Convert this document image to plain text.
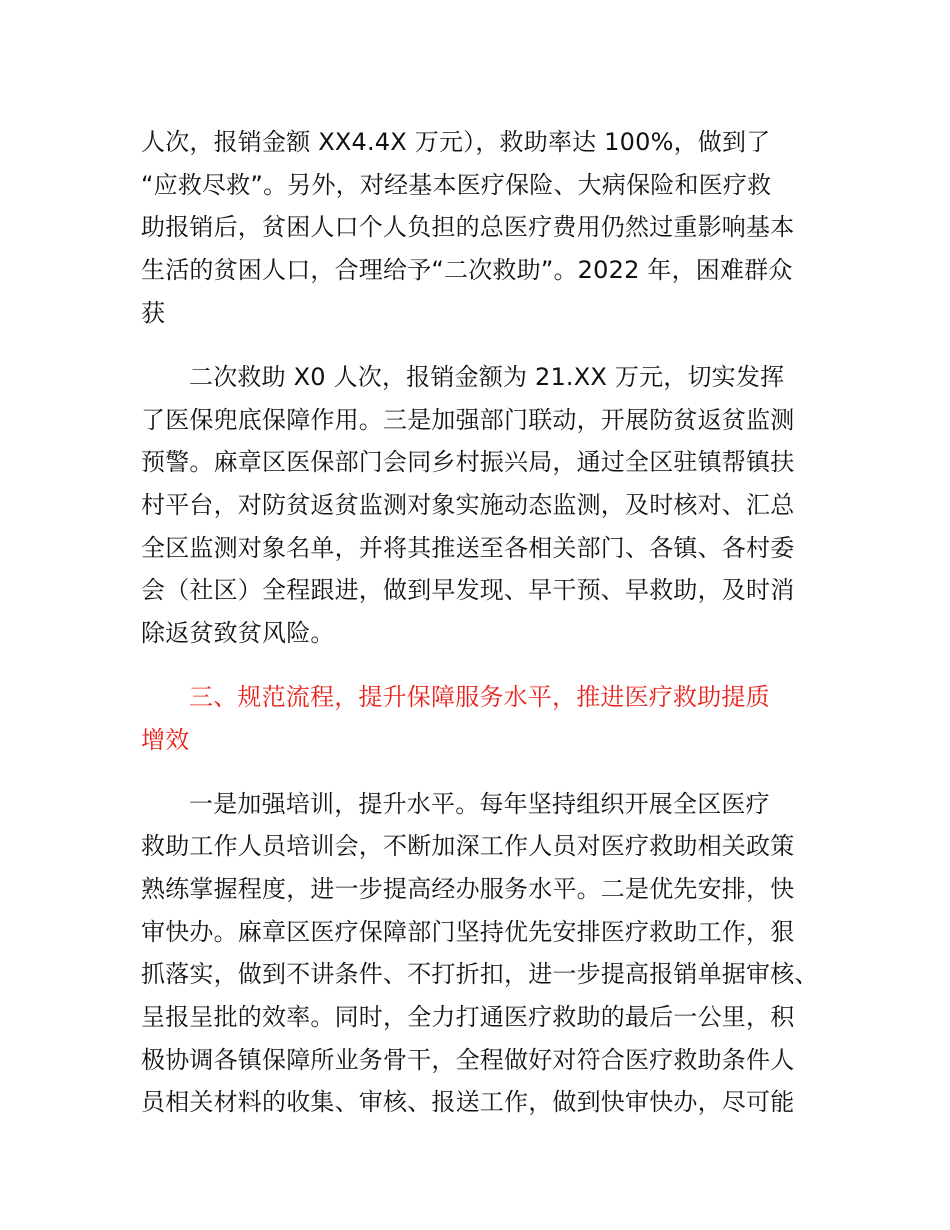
人次，报销金额 XX4.4X 万元），救助率达 100%，做到了
“应救尽救”。另外，对经基本医疗保险、大病保险和医疗救
助报销后，贫困人口个人负担的总医疗费用仍然过重影响基本
生活的贫困人口，合理给予“二次救助”。2022 年，困难群众
获
二次救助 X0 人次，报销金额为 21.XX 万元，切实发挥
了医保兜底保障作用。三是加强部门联动，开展防贫返贫监测
预警。麻章区医保部门会同乡村振兴局，通过全区驻镇帮镇扶
村平台，对防贫返贫监测对象实施动态监测，及时核对、汇总
全区监测对象名单，并将其推送至各相关部门、各镇、各村委
会（社区）全程跟进，做到早发现、早干预、早救助，及时消
除返贫致贫风险。
三、规范流程，提升保障服务水平，推进医疗救助提质
增效
一是加强培训，提升水平。每年坚持组织开展全区医疗
救助工作人员培训会，不断加深工作人员对医疗救助相关政策
熟练掌握程度，进一步提高经办服务水平。二是优先安排，快
审快办。麻章区医疗保障部门坚持优先安排医疗救助工作，狠
抓落实，做到不讲条件、不打折扣，进一步提高报销单据审核、
呈报呈批的效率。同时，全力打通医疗救助的最后一公里，积
极协调各镇保障所业务骨干，全程做好对符合医疗救助条件人
员相关材料的收集、审核、报送工作，做到快审快办，尽可能
